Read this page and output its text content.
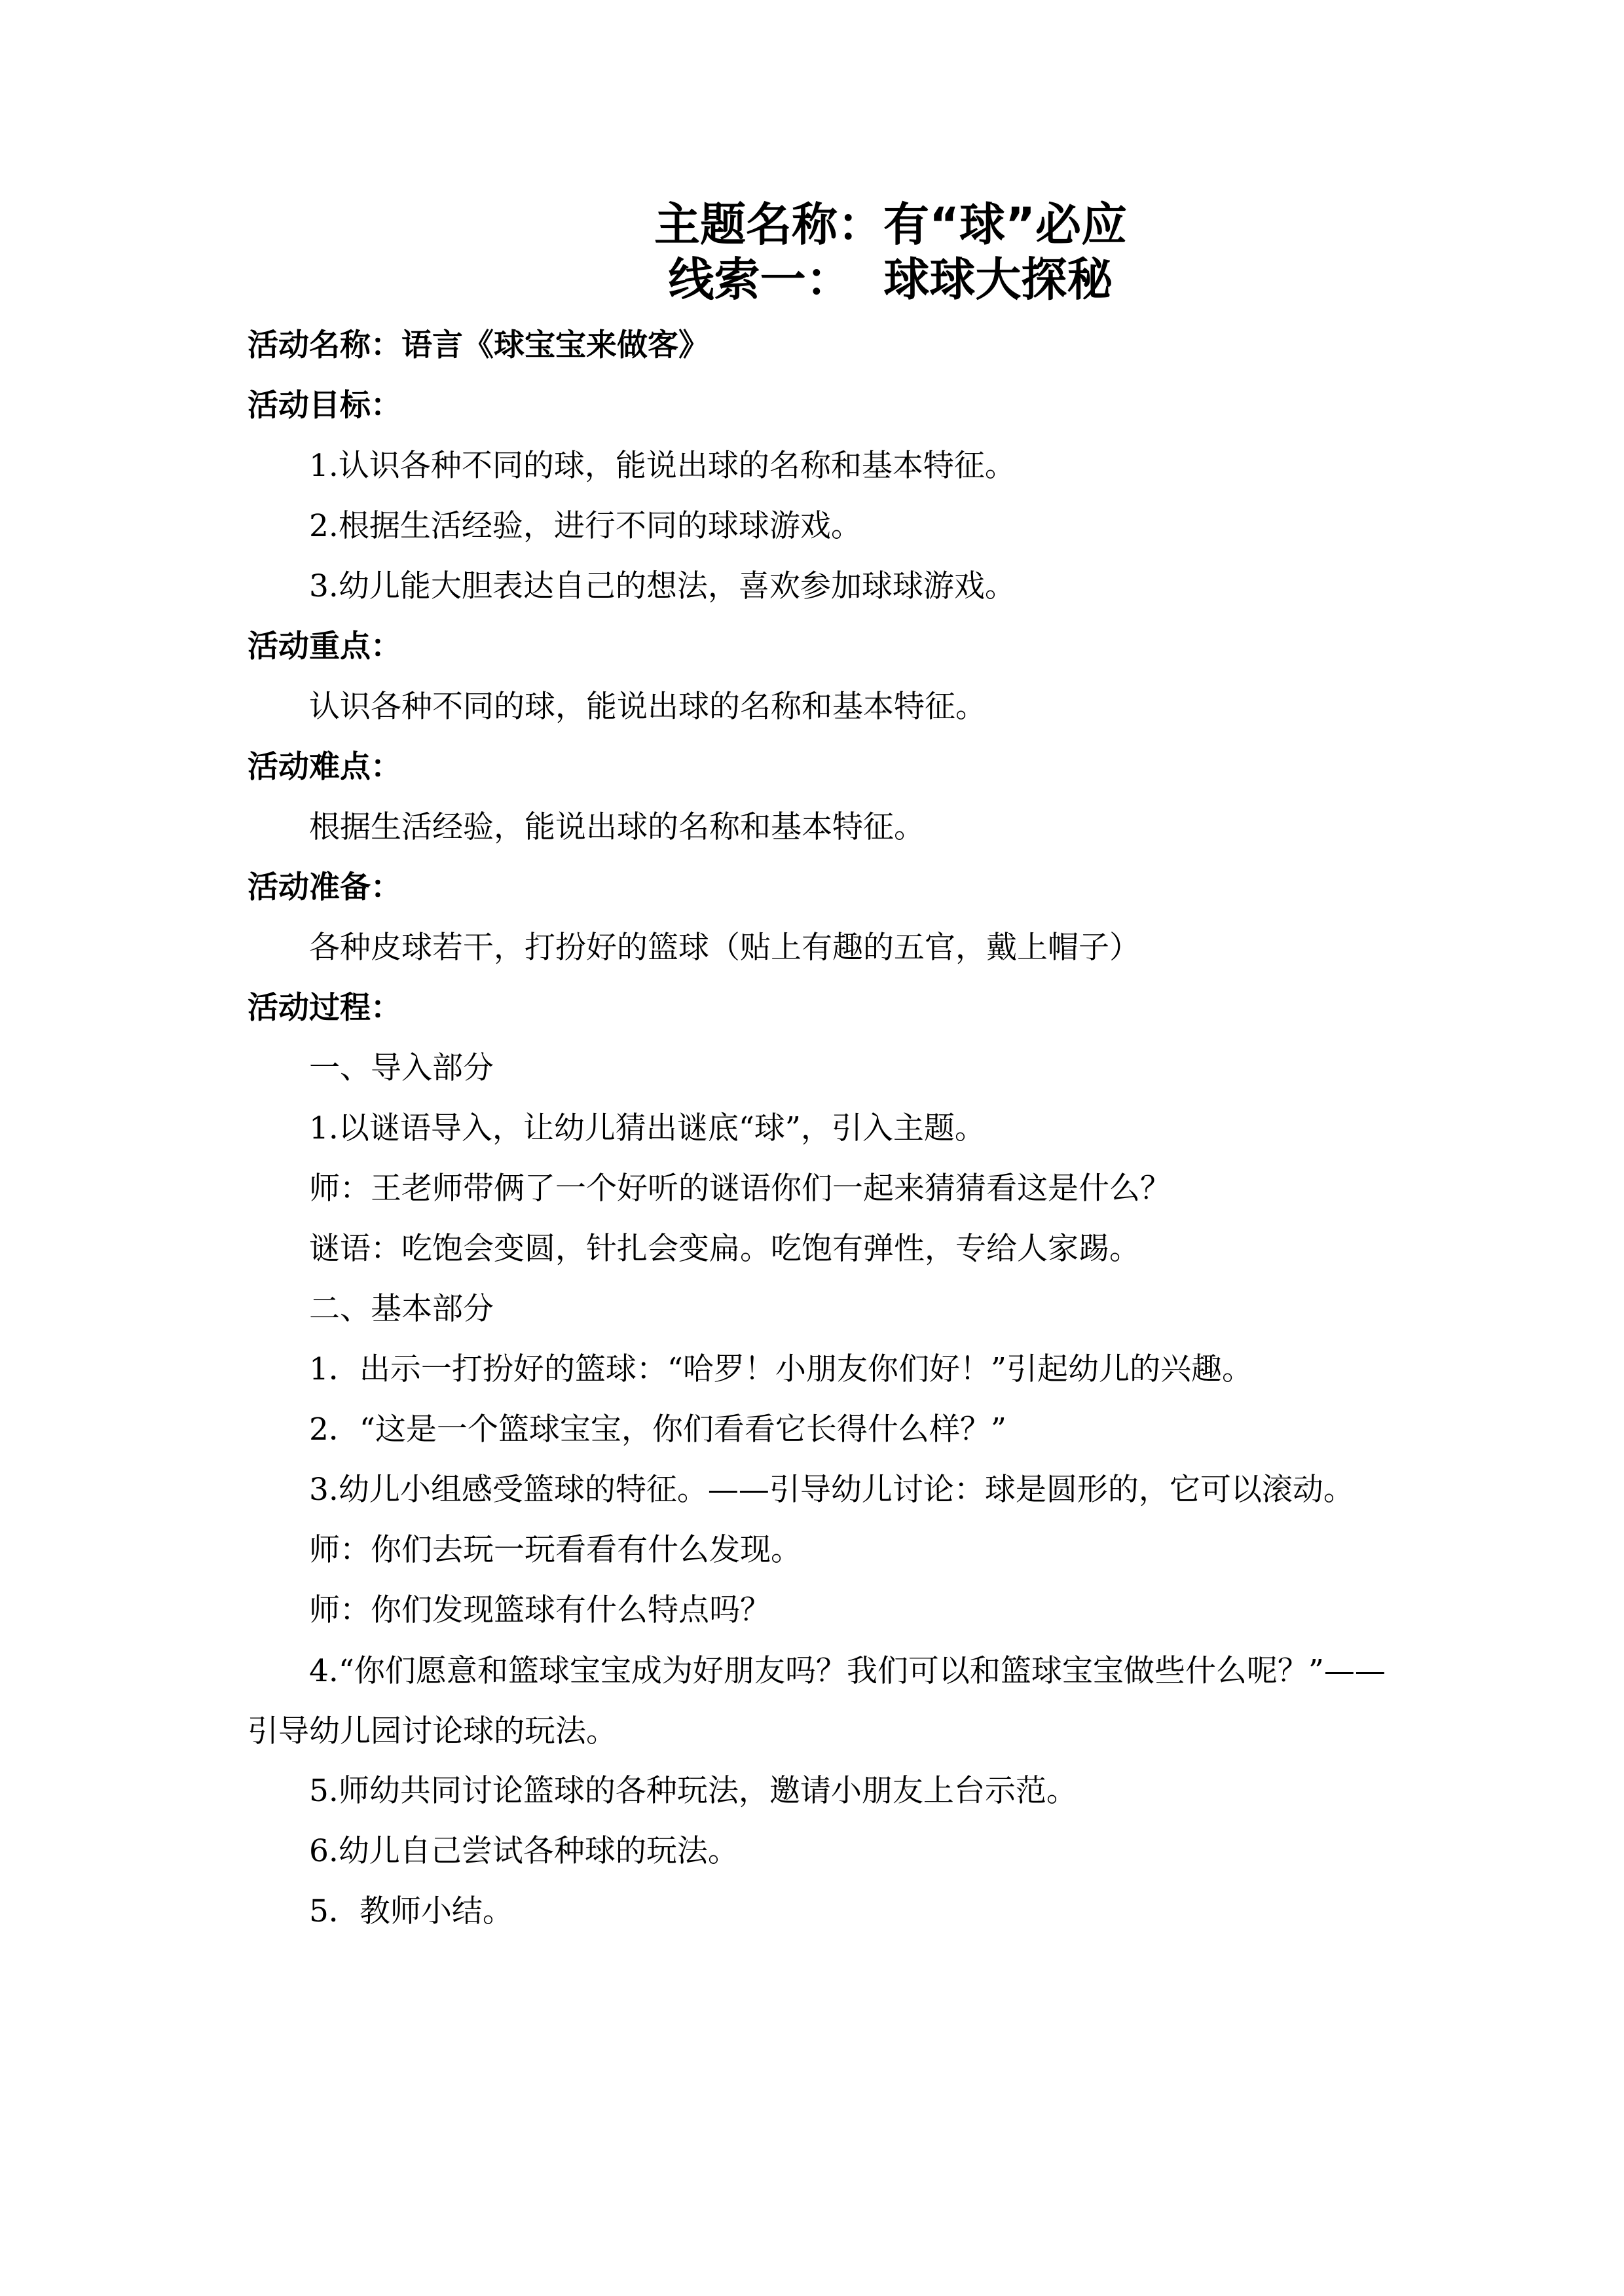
主题名称：有“球”必应
线索一：  球球大探秘

活动名称：语言《球宝宝来做客》

活动目标：

1.认识各种不同的球，能说出球的名称和基本特征。

2.根据生活经验，进行不同的球球游戏。

3.幼儿能大胆表达自己的想法，喜欢参加球球游戏。

活动重点：

认识各种不同的球，能说出球的名称和基本特征。

活动难点：

根据生活经验，能说出球的名称和基本特征。

活动准备：

各种皮球若干，打扮好的篮球（贴上有趣的五官，戴上帽子）

活动过程：

一、导入部分

1.以谜语导入，让幼儿猜出谜底“球”，引入主题。

师：王老师带俩了一个好听的谜语你们一起来猜猜看这是什么？

谜语：吃饱会变圆，针扎会变扁。吃饱有弹性，专给人家踢。

二、基本部分

1．出示一打扮好的篮球：“哈罗！小朋友你们好！”引起幼儿的兴趣。

2．“这是一个篮球宝宝，你们看看它长得什么样？”

3.幼儿小组感受篮球的特征。——引导幼儿讨论：球是圆形的，它可以滚动。

师：你们去玩一玩看看有什么发现。

师：你们发现篮球有什么特点吗？

4.“你们愿意和篮球宝宝成为好朋友吗？我们可以和篮球宝宝做些什么呢？”——引导幼儿园讨论球的玩法。

5.师幼共同讨论篮球的各种玩法，邀请小朋友上台示范。

6.幼儿自己尝试各种球的玩法。

5．教师小结。
